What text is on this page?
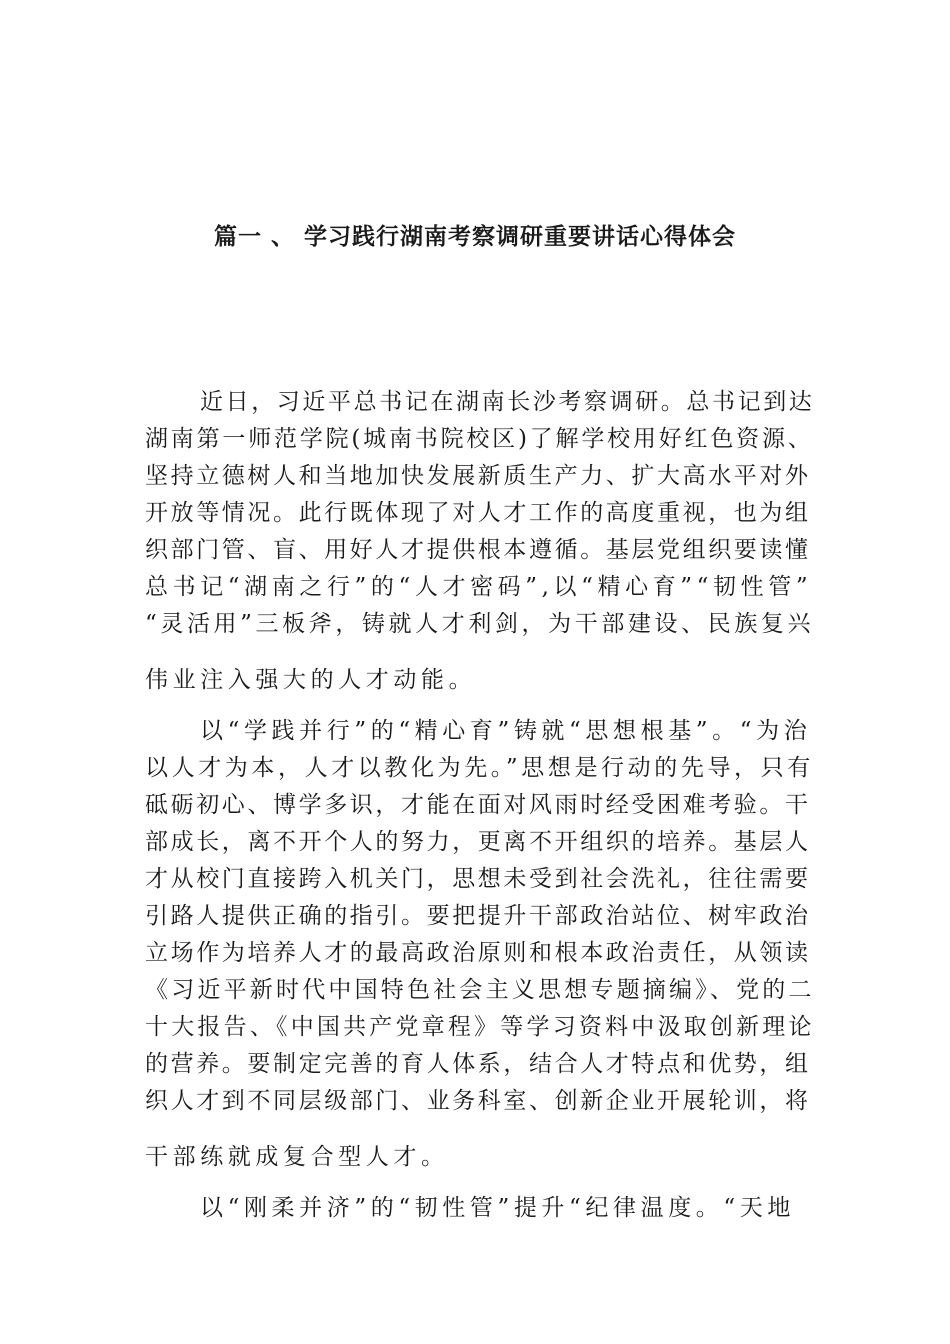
篇一 、 学习践行湖南考察调研重要讲话心得体会

近日，习近平总书记在湖南长沙考察调研。总书记到达

湖南第一师范学院(城南书院校区)了解学校用好红色资源、

坚持立德树人和当地加快发展新质生产力、扩大高水平对外

开放等情况。此行既体现了对人才工作的高度重视，也为组

织部门管、盲、用好人才提供根本遵循。基层党组织要读懂

总书记“湖南之行”的“人才密码”,以“精心育”“韧性管”

“灵活用”三板斧，铸就人才利剑，为干部建设、民族复兴

伟业注入强大的人才动能。

以“学践并行”的“精心育”铸就“思想根基”。“为治

以人才为本，人才以教化为先。”思想是行动的先导，只有

砥砺初心、博学多识，才能在面对风雨时经受困难考验。干

部成长，离不开个人的努力，更离不开组织的培养。基层人

才从校门直接跨入机关门，思想未受到社会洗礼，往往需要

引路人提供正确的指引。要把提升干部政治站位、树牢政治

立场作为培养人才的最高政治原则和根本政治责任，从领读

《习近平新时代中国特色社会主义思想专题摘编》、党的二

十大报告、《中国共产党章程》等学习资料中汲取创新理论

的营养。要制定完善的育人体系，结合人才特点和优势，组

织人才到不同层级部门、业务科室、创新企业开展轮训，将

干部练就成复合型人才。

以“刚柔并济”的“韧性管”提升“纪律温度。“天地
